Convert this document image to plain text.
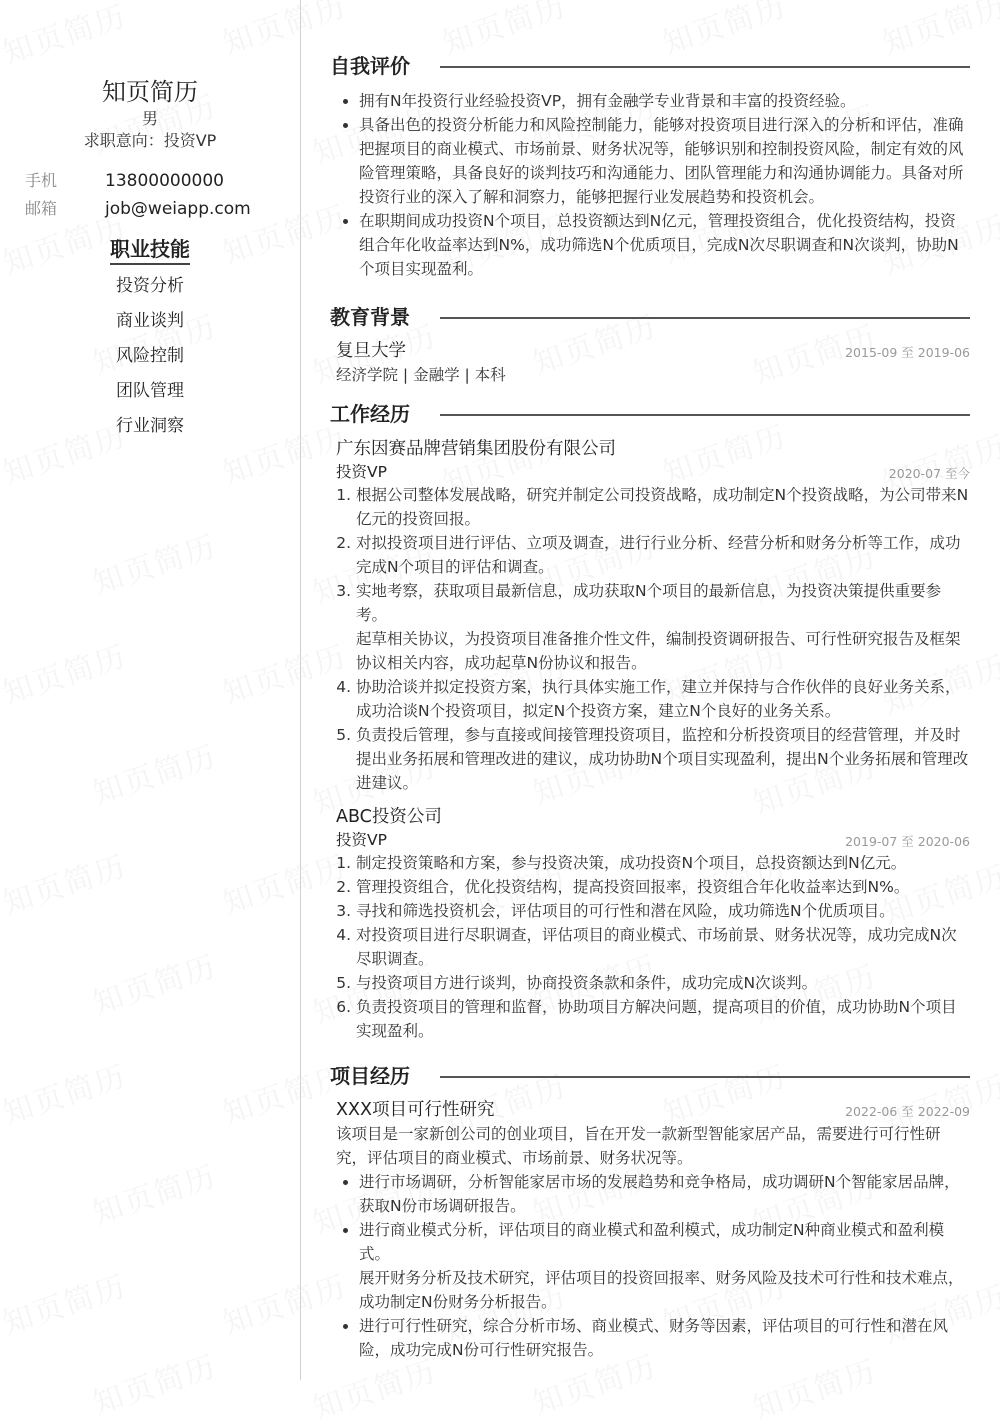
知页简历
男
求职意向：投资VP
手机	13800000000
邮箱	job@weiapp.com
职业技能
投资分析
商业谈判
风险控制
团队管理
行业洞察
自我评价
• 拥有N年投资行业经验投资VP，拥有金融学专业背景和丰富的投资经验。
• 具备出色的投资分析能力和风险控制能力，能够对投资项目进行深入的分析和评估，准确把握项目的商业模式、市场前景、财务状况等，能够识别和控制投资风险，制定有效的风险管理策略，具备良好的谈判技巧和沟通能力、团队管理能力和沟通协调能力。具备对所投资行业的深入了解和洞察力，能够把握行业发展趋势和投资机会。
• 在职期间成功投资N个项目，总投资额达到N亿元，管理投资组合，优化投资结构，投资组合年化收益率达到N%，成功筛选N个优质项目，完成N次尽职调查和N次谈判，协助N个项目实现盈利。
教育背景
复旦大学	2015-09 至 2019-06
经济学院 | 金融学 | 本科
工作经历
广东因赛品牌营销集团股份有限公司
投资VP	2020-07 至今
1. 根据公司整体发展战略，研究并制定公司投资战略，成功制定N个投资战略，为公司带来N亿元的投资回报。
2. 对拟投资项目进行评估、立项及调查，进行行业分析、经营分析和财务分析等工作，成功完成N个项目的评估和调查。
3. 实地考察，获取项目最新信息，成功获取N个项目的最新信息，为投资决策提供重要参考。
起草相关协议，为投资项目准备推介性文件，编制投资调研报告、可行性研究报告及框架协议相关内容，成功起草N份协议和报告。
4. 协助洽谈并拟定投资方案，执行具体实施工作，建立并保持与合作伙伴的良好业务关系，成功洽谈N个投资项目，拟定N个投资方案，建立N个良好的业务关系。
5. 负责投后管理，参与直接或间接管理投资项目，监控和分析投资项目的经营管理，并及时提出业务拓展和管理改进的建议，成功协助N个项目实现盈利，提出N个业务拓展和管理改进建议。
ABC投资公司
投资VP	2019-07 至 2020-06
1. 制定投资策略和方案，参与投资决策，成功投资N个项目，总投资额达到N亿元。
2. 管理投资组合，优化投资结构，提高投资回报率，投资组合年化收益率达到N%。
3. 寻找和筛选投资机会，评估项目的可行性和潜在风险，成功筛选N个优质项目。
4. 对投资项目进行尽职调查，评估项目的商业模式、市场前景、财务状况等，成功完成N次尽职调查。
5. 与投资项目方进行谈判，协商投资条款和条件，成功完成N次谈判。
6. 负责投资项目的管理和监督，协助项目方解决问题，提高项目的价值，成功协助N个项目实现盈利。
项目经历
XXX项目可行性研究	2022-06 至 2022-09
该项目是一家新创公司的创业项目，旨在开发一款新型智能家居产品，需要进行可行性研究，评估项目的商业模式、市场前景、财务状况等。
• 进行市场调研，分析智能家居市场的发展趋势和竞争格局，成功调研N个智能家居品牌，获取N份市场调研报告。
• 进行商业模式分析，评估项目的商业模式和盈利模式，成功制定N种商业模式和盈利模式。
展开财务分析及技术研究，评估项目的投资回报率、财务风险及技术可行性和技术难点，成功制定N份财务分析报告。
• 进行可行性研究，综合分析市场、商业模式、财务等因素，评估项目的可行性和潜在风险，成功完成N份可行性研究报告。
